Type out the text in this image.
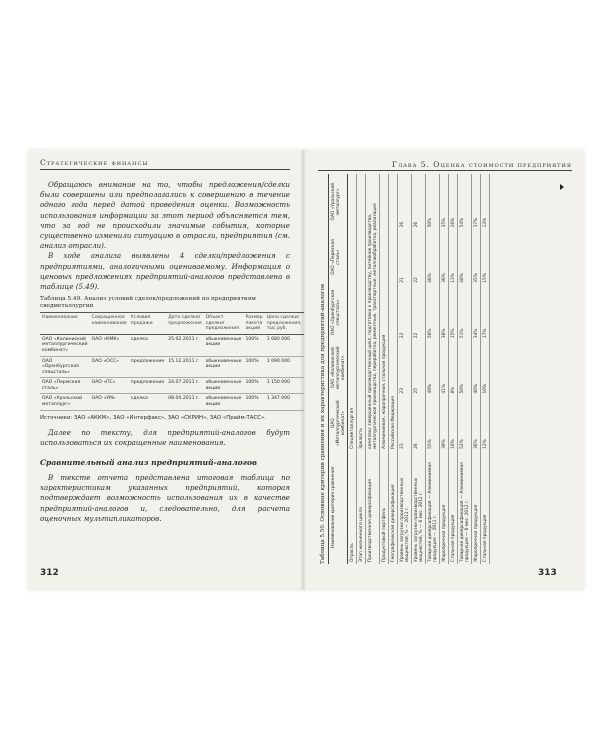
Стратегические финансы

Обращаюсь внимание на то, чтобы предложения/сделки были совершены или предполагались к совершению в течение одного года перед датой проведения оценки. Возможность использования информации за этот период объясняется тем, что за год не происходили значимые события, которые существенно изменили ситуацию в отрасли, предприятия (см. анализ отрасли).

В ходе анализа выявлены 4 сделки/предложения с предприятиями, аналогичными оцениваемому. Информация о ценовых предложениях предприятий-аналогов представлена в таблице (5.49).

Таблица 5.49. Анализ условий сделок/предложений по предприятиям сведметаллургии
Наименование	Сокращенное наименование	Условия продажи	Дата сделки/предложения	Объект сделки/предложения	Размер пакета акций	Цена сделки/предложения, тыс руб.
ОАО «Калиниский металлургический комбинат»	ОАО «КМК»	сделка	25.02.2011 г.	обыкновенные акции	100%	1 680 000
ОАО «Оренбургская спецсталь»	ОАО «ОСС»	предложение	15.12.2011 г.	обыкновенные акции	100%	1 090 000
ОАО «Пермская сталь»	ОАО «ПС»	предложение	24.07.2011 г.	обыкновенные акции	100%	1 150 000
ОАО «Уральский металлург»	ОАО «УМ»	сделка	08.04.2011 г.	обыкновенные акции	100%	1 347 000
Источники: ЗАО «АККМ», ЗАО «Интерфакс», ЗАО «СКРИН», ЗАО «Прайм-ТАСС».

Далее по тексту, для предприятий-аналогов будут использоваться их сокращенные наименования.

Сравнительный анализ предприятий-аналогов

В тексте отчета представлена итоговая таблица по характеристикам указанных предприятий, которая подтверждает возможность использования их в качестве предприятий-аналогов и, следовательно, для расчета оценочных мультипликаторов.

312
Глава 5. Оценка стоимости предприятия
Таблица 5.50. Основные критерии сравнения и их характеристика для предприятий-аналогов	Наименование критерия сравнения	ОАО «Металлургический комбинат»	ОАО «Калиниский металлургический комбинат»	ОАО «Оренбургская спецсталь»	ОАО «Пермская сталь»	ОАО «Уральский металлург»
Отрасль	Спецметаллургия				
Этап жизненного цикла	Зрелость				
Производственная диверсификация	комплекс завершенный производственный цикл, подготовка к производству, литейное производство, металлургическое производство, переработка, ремонтные, транспортные, металлообработка, реализация				
Продуктовый портфель	Алюминиевая, жаропрочная, стальная продукция				
Географическая диверсификация	Российская Федерация				
Уровень загрузки производственных мощностей, % — 2011 г.	23	23	22	21	26
Уровень загрузки производственных мощностей, % — 6 мес. 2012 г.	26	25	22	22	26
Товарная диверсификация — Алюминиевая продукция — 2011 г.	55%	49%	50%	46%	50%
Жаропрочная продукция	39%	41%	36%	36%	35%
Стальная продукция	10%	8%	15%	13%	16%
Товарная диверсификация — Алюминиевая продукция — 6 мес. 2012 г.	52%	50%	51%	48%	54%
Жаропрочная продукция	36%	40%	34%	35%	37%
Стальная продукция	12%	10%	17%	15%	13%
313
